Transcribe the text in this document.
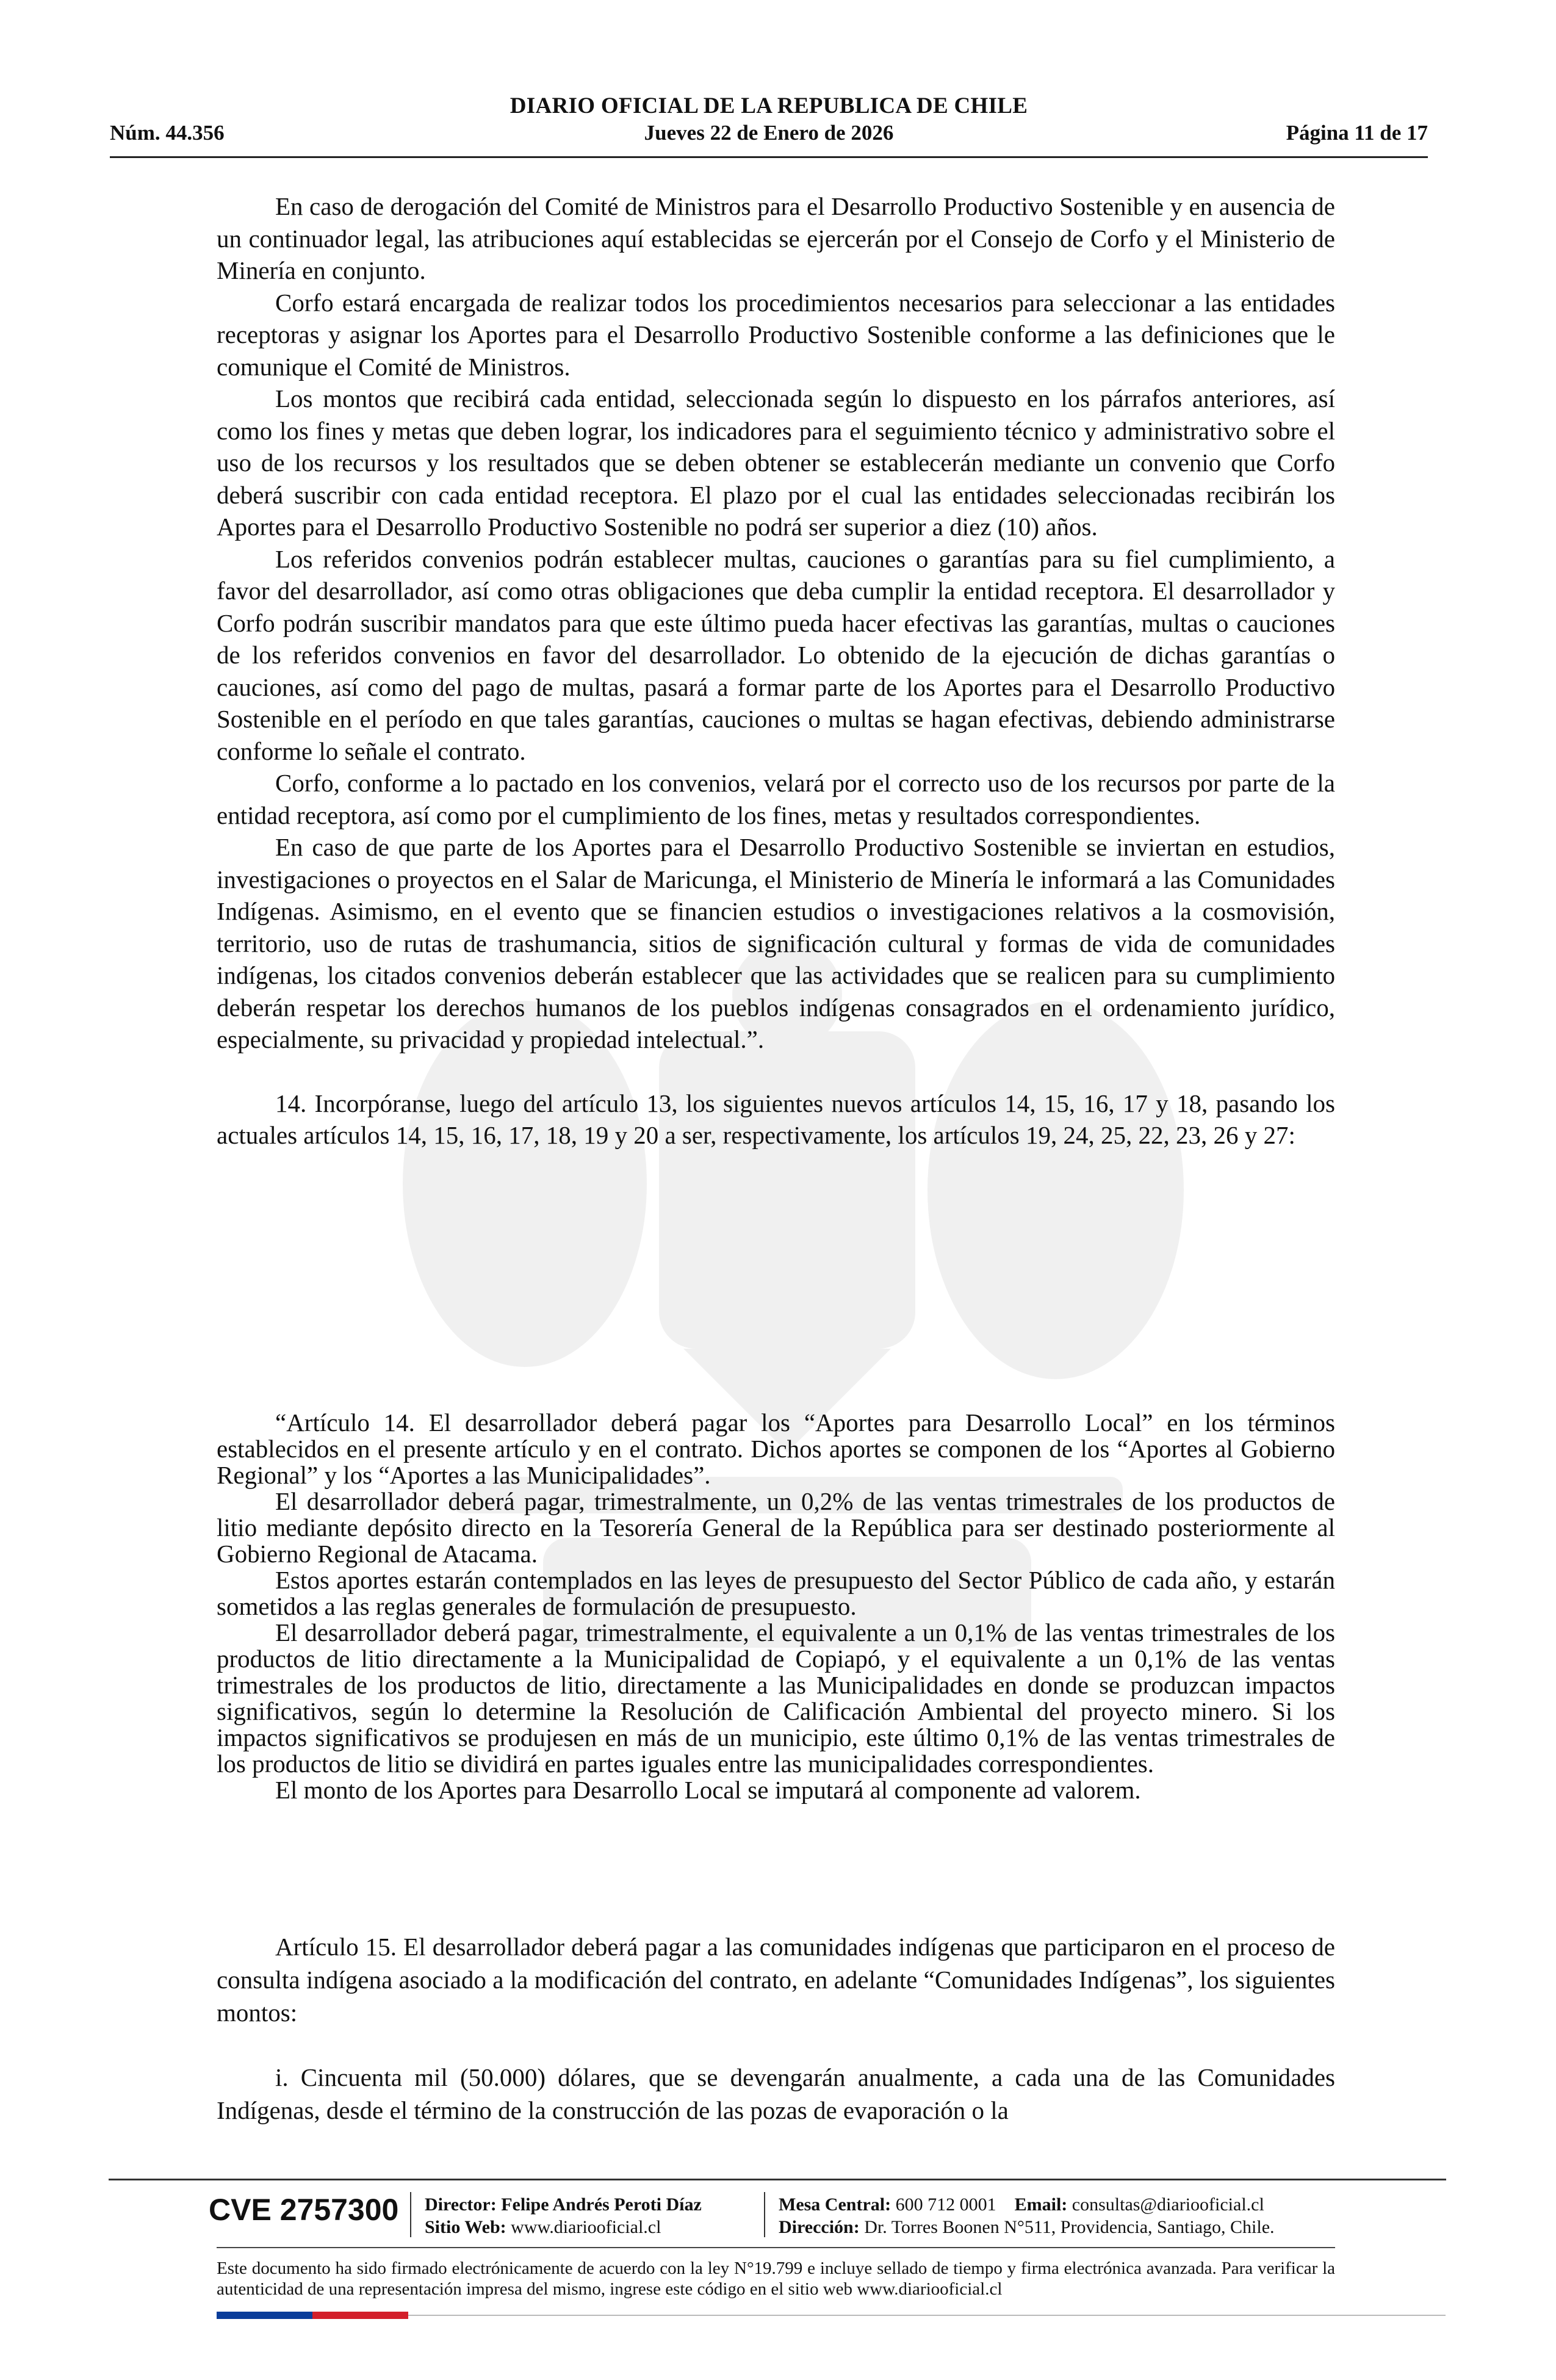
DIARIO OFICIAL DE LA REPUBLICA DE CHILE
Núm. 44.356	Jueves 22 de Enero de 2026	Página 11 de 17

En caso de derogación del Comité de Ministros para el Desarrollo Productivo Sostenible y en ausencia de un continuador legal, las atribuciones aquí establecidas se ejercerán por el Consejo de Corfo y el Ministerio de Minería en conjunto.

Corfo estará encargada de realizar todos los procedimientos necesarios para seleccionar a las entidades receptoras y asignar los Aportes para el Desarrollo Productivo Sostenible conforme a las definiciones que le comunique el Comité de Ministros.

Los montos que recibirá cada entidad, seleccionada según lo dispuesto en los párrafos anteriores, así como los fines y metas que deben lograr, los indicadores para el seguimiento técnico y administrativo sobre el uso de los recursos y los resultados que se deben obtener se establecerán mediante un convenio que Corfo deberá suscribir con cada entidad receptora. El plazo por el cual las entidades seleccionadas recibirán los Aportes para el Desarrollo Productivo Sostenible no podrá ser superior a diez (10) años.

Los referidos convenios podrán establecer multas, cauciones o garantías para su fiel cumplimiento, a favor del desarrollador, así como otras obligaciones que deba cumplir la entidad receptora. El desarrollador y Corfo podrán suscribir mandatos para que este último pueda hacer efectivas las garantías, multas o cauciones de los referidos convenios en favor del desarrollador. Lo obtenido de la ejecución de dichas garantías o cauciones, así como del pago de multas, pasará a formar parte de los Aportes para el Desarrollo Productivo Sostenible en el período en que tales garantías, cauciones o multas se hagan efectivas, debiendo administrarse conforme lo señale el contrato.

Corfo, conforme a lo pactado en los convenios, velará por el correcto uso de los recursos por parte de la entidad receptora, así como por el cumplimiento de los fines, metas y resultados correspondientes.

En caso de que parte de los Aportes para el Desarrollo Productivo Sostenible se inviertan en estudios, investigaciones o proyectos en el Salar de Maricunga, el Ministerio de Minería le informará a las Comunidades Indígenas. Asimismo, en el evento que se financien estudios o investigaciones relativos a la cosmovisión, territorio, uso de rutas de trashumancia, sitios de significación cultural y formas de vida de comunidades indígenas, los citados convenios deberán establecer que las actividades que se realicen para su cumplimiento deberán respetar los derechos humanos de los pueblos indígenas consagrados en el ordenamiento jurídico, especialmente, su privacidad y propiedad intelectual.”.

14. Incorpóranse, luego del artículo 13, los siguientes nuevos artículos 14, 15, 16, 17 y 18, pasando los actuales artículos 14, 15, 16, 17, 18, 19 y 20 a ser, respectivamente, los artículos 19, 24, 25, 22, 23, 26 y 27:

“Artículo 14. El desarrollador deberá pagar los “Aportes para Desarrollo Local” en los términos establecidos en el presente artículo y en el contrato. Dichos aportes se componen de los “Aportes al Gobierno Regional” y los “Aportes a las Municipalidades”.

El desarrollador deberá pagar, trimestralmente, un 0,2% de las ventas trimestrales de los productos de litio mediante depósito directo en la Tesorería General de la República para ser destinado posteriormente al Gobierno Regional de Atacama.

Estos aportes estarán contemplados en las leyes de presupuesto del Sector Público de cada año, y estarán sometidos a las reglas generales de formulación de presupuesto.

El desarrollador deberá pagar, trimestralmente, el equivalente a un 0,1% de las ventas trimestrales de los productos de litio directamente a la Municipalidad de Copiapó, y el equivalente a un 0,1% de las ventas trimestrales de los productos de litio, directamente a las Municipalidades en donde se produzcan impactos significativos, según lo determine la Resolución de Calificación Ambiental del proyecto minero. Si los impactos significativos se produjesen en más de un municipio, este último 0,1% de las ventas trimestrales de los productos de litio se dividirá en partes iguales entre las municipalidades correspondientes.

El monto de los Aportes para Desarrollo Local se imputará al componente ad valorem.

Artículo 15. El desarrollador deberá pagar a las comunidades indígenas que participaron en el proceso de consulta indígena asociado a la modificación del contrato, en adelante “Comunidades Indígenas”, los siguientes montos:

i. Cincuenta mil (50.000) dólares, que se devengarán anualmente, a cada una de las Comunidades Indígenas, desde el término de la construcción de las pozas de evaporación o la

CVE 2757300 Director: Felipe Andrés Peroti Díaz
Sitio Web: www.diariooficial.cl
Mesa Central: 600 712 0001 Email: consultas@diariooficial.cl
Dirección: Dr. Torres Boonen N°511, Providencia, Santiago, Chile.
Este documento ha sido firmado electrónicamente de acuerdo con la ley N°19.799 e incluye sellado de tiempo y firma electrónica avanzada. Para verificar la autenticidad de una representación impresa del mismo, ingrese este código en el sitio web www.diariooficial.cl
